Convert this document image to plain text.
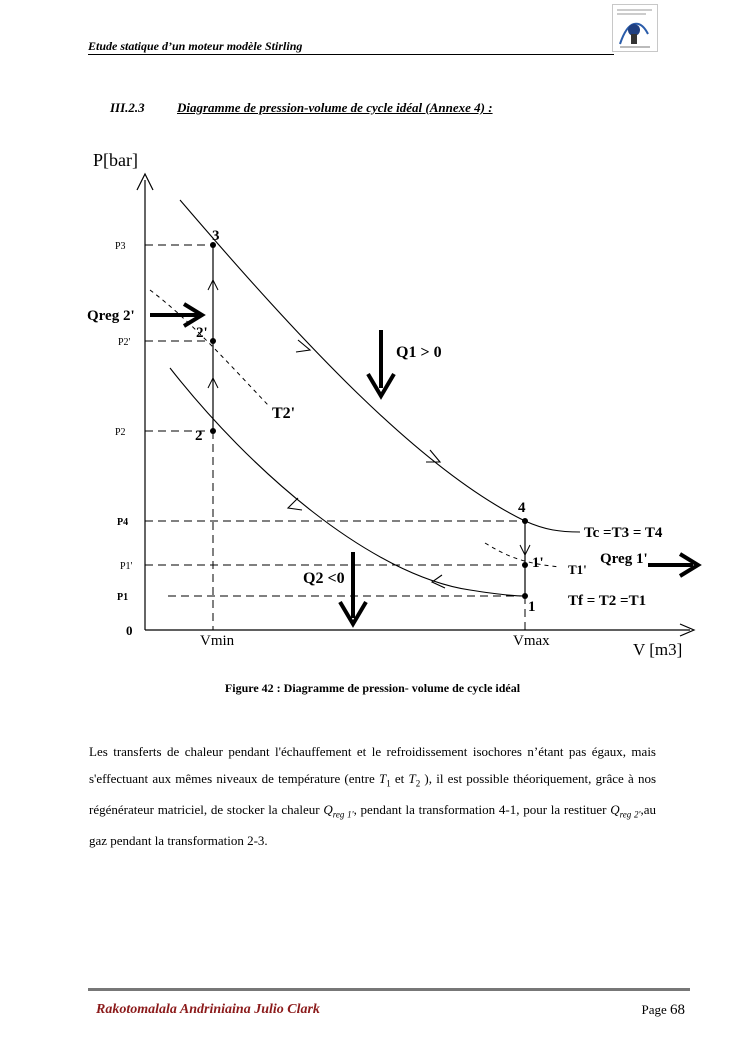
Etude statique d’un moteur modèle Stirling
III.2.3 Diagramme de pression-volume de cycle idéal (Annexe 4) :
P[bar]
V [m3]
0
P3
P2'
P2
P4
P1'
P1
Vmin	Vmax
3
2'
2
4
1'
1
Q1 > 0
Q2 <0
Qreg 2'
Qreg 1'
T2'
T1'
Tc =T3 = T4
Tf = T2 =T1
Figure 42 : Diagramme de pression- volume de cycle idéal

Les transferts de chaleur pendant l'échauffement et le refroidissement isochores n’étant pas égaux, mais s'effectuant aux mêmes niveaux de température (entre $T_1$ et $T_2$ ), il est possible théoriquement, grâce à nos régénérateur matriciel, de stocker la chaleur $Q_{reg 1'}$, pendant la transformation 4-1, pour la restituer $Q_{reg 2'},au$ gaz pendant la transformation 2-3.

Rakotomalala Andriniaina Julio Clark	Page 68
